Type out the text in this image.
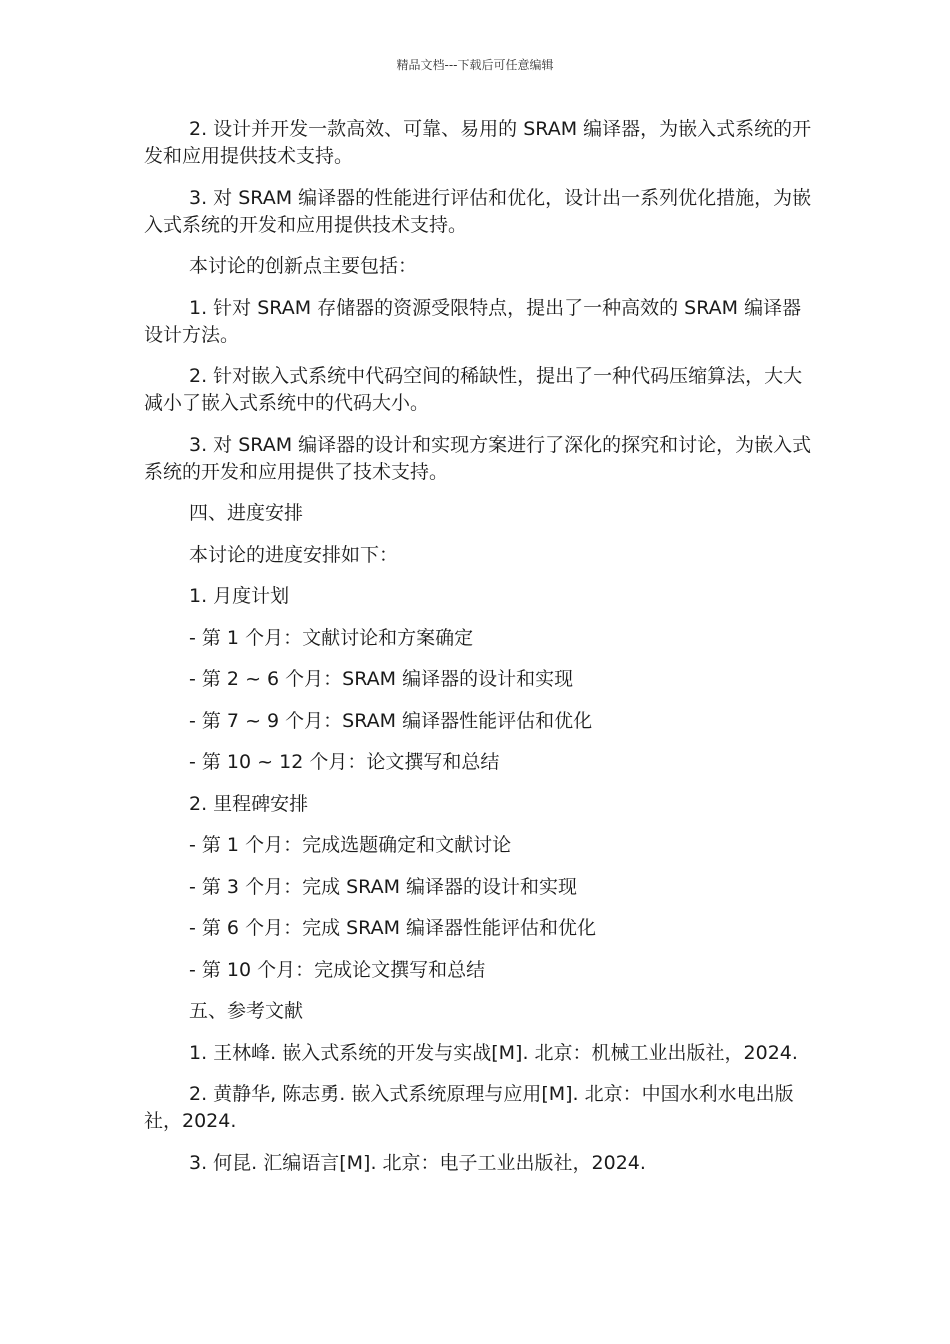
精品文档---下载后可任意编辑

2. 设计并开发一款高效、可靠、易用的 SRAM 编译器，为嵌入式系统的开发和应用提供技术支持。

3. 对 SRAM 编译器的性能进行评估和优化，设计出一系列优化措施，为嵌入式系统的开发和应用提供技术支持。

本讨论的创新点主要包括：

1. 针对 SRAM 存储器的资源受限特点，提出了一种高效的 SRAM 编译器设计方法。

2. 针对嵌入式系统中代码空间的稀缺性，提出了一种代码压缩算法，大大减小了嵌入式系统中的代码大小。

3. 对 SRAM 编译器的设计和实现方案进行了深化的探究和讨论，为嵌入式系统的开发和应用提供了技术支持。

四、进度安排

本讨论的进度安排如下：

1. 月度计划

- 第 1 个月：文献讨论和方案确定

- 第 2 ~ 6 个月：SRAM 编译器的设计和实现

- 第 7 ~ 9 个月：SRAM 编译器性能评估和优化

- 第 10 ~ 12 个月：论文撰写和总结

2. 里程碑安排

- 第 1 个月：完成选题确定和文献讨论

- 第 3 个月：完成 SRAM 编译器的设计和实现

- 第 6 个月：完成 SRAM 编译器性能评估和优化

- 第 10 个月：完成论文撰写和总结

五、参考文献

1. 王林峰. 嵌入式系统的开发与实战[M]. 北京：机械工业出版社，2024.

2. 黄静华, 陈志勇. 嵌入式系统原理与应用[M]. 北京：中国水利水电出版社，2024.

3. 何昆. 汇编语言[M]. 北京：电子工业出版社，2024.
